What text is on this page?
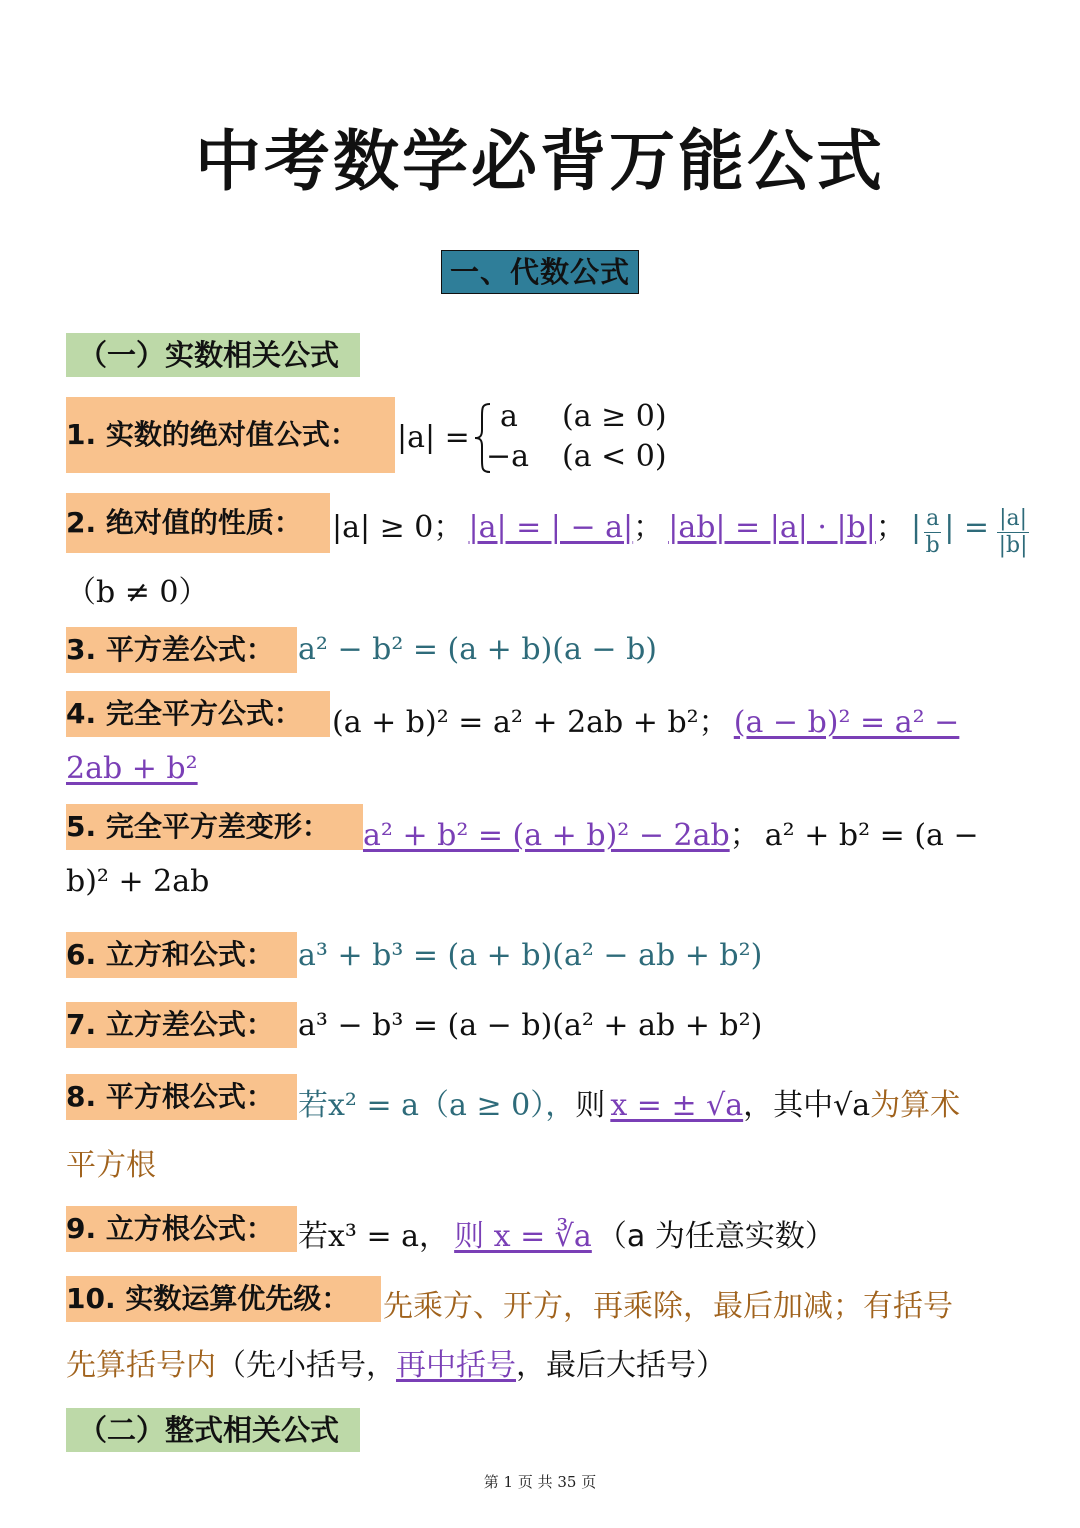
中考数学必背万能公式
一、代数公式
（一）实数相关公式
1. 实数的绝对值公式：	|a| =
a (a ≥ 0)
−a (a < 0)
2. 绝对值的性质：	|a| ≥ 0； |a| = | − a|； |ab| = |a| · |b|； | $\frac{a}{b}$ | = $\frac{|a|}{|b|}$
（b ≠ 0）
3. 平方差公式： a² − b² = (a + b)(a − b)
4. 完全平方公式：	(a + b)² = a² + 2ab + b²； (a − b)² = a² −
2ab + b²
5. 完全平方差变形：	a² + b² = (a + b)² − 2ab； a² + b² = (a −
b)² + 2ab
6. 立方和公式： a³ + b³ = (a + b)(a² − ab + b²)
7. 立方差公式： a³ − b³ = (a − b)(a² + ab + b²)
8. 平方根公式： 若x² = a（a ≥ 0），则 x = ± √a，其中√a为算术
平方根
9. 立方根公式： 若x³ = a， 则 x = ∛a （a 为任意实数）
10. 实数运算优先级：	先乘方、开方，再乘除，最后加减；有括号
先算括号内（先小括号，再中括号，最后大括号）
（二）整式相关公式
第 1 页 共 35 页
